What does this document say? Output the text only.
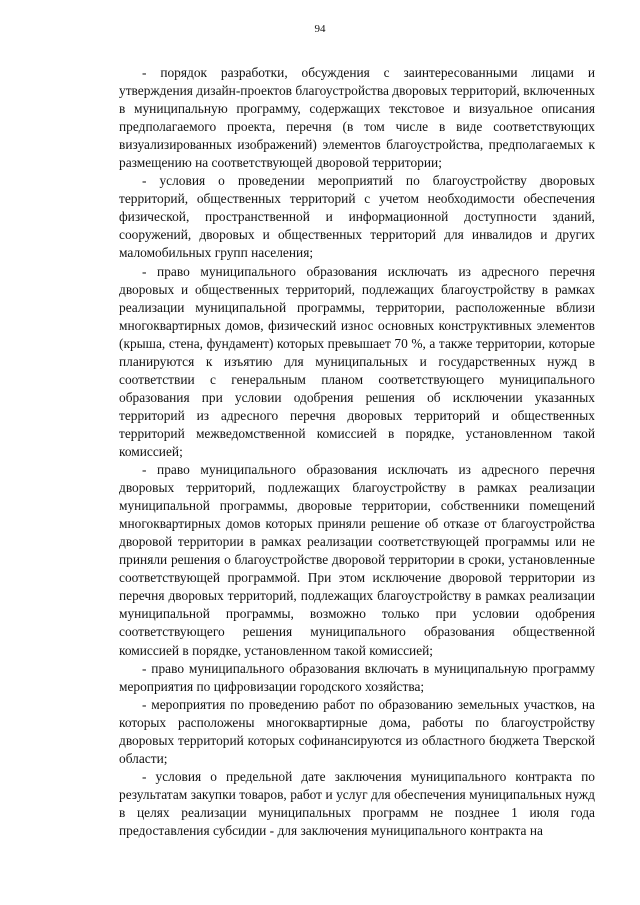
94

- порядок разработки, обсуждения с заинтересованными лицами и утверждения дизайн-проектов благоустройства дворовых территорий, включенных в муниципальную программу, содержащих текстовое и визуальное описания предполагаемого проекта, перечня (в том числе в виде соответствующих визуализированных изображений) элементов благоустройства, предполагаемых к размещению на соответствующей дворовой территории;

- условия о проведении мероприятий по благоустройству дворовых территорий, общественных территорий с учетом необходимости обеспечения физической, пространственной и информационной доступности зданий, сооружений, дворовых и общественных территорий для инвалидов и других маломобильных групп населения;

- право муниципального образования исключать из адресного перечня дворовых и общественных территорий, подлежащих благоустройству в рамках реализации муниципальной программы, территории, расположенные вблизи многоквартирных домов, физический износ основных конструктивных элементов (крыша, стена, фундамент) которых превышает 70 %, а также территории, которые планируются к изъятию для муниципальных и государственных нужд в соответствии с генеральным планом соответствующего муниципального образования при условии одобрения решения об исключении указанных территорий из адресного перечня дворовых территорий и общественных территорий межведомственной комиссией в порядке, установленном такой комиссией;

- право муниципального образования исключать из адресного перечня дворовых территорий, подлежащих благоустройству в рамках реализации муниципальной программы, дворовые территории, собственники помещений многоквартирных домов которых приняли решение об отказе от благоустройства дворовой территории в рамках реализации соответствующей программы или не приняли решения о благоустройстве дворовой территории в сроки, установленные соответствующей программой. При этом исключение дворовой территории из перечня дворовых территорий, подлежащих благоустройству в рамках реализации муниципальной программы, возможно только при условии одобрения соответствующего решения муниципального образования общественной комиссией в порядке, установленном такой комиссией;

- право муниципального образования включать в муниципальную программу мероприятия по цифровизации городского хозяйства;

- мероприятия по проведению работ по образованию земельных участков, на которых расположены многоквартирные дома, работы по благоустройству дворовых территорий которых софинансируются из областного бюджета Тверской области;

- условия о предельной дате заключения муниципального контракта по результатам закупки товаров, работ и услуг для обеспечения муниципальных нужд в целях реализации муниципальных программ не позднее 1 июля года предоставления субсидии - для заключения муниципального контракта на
